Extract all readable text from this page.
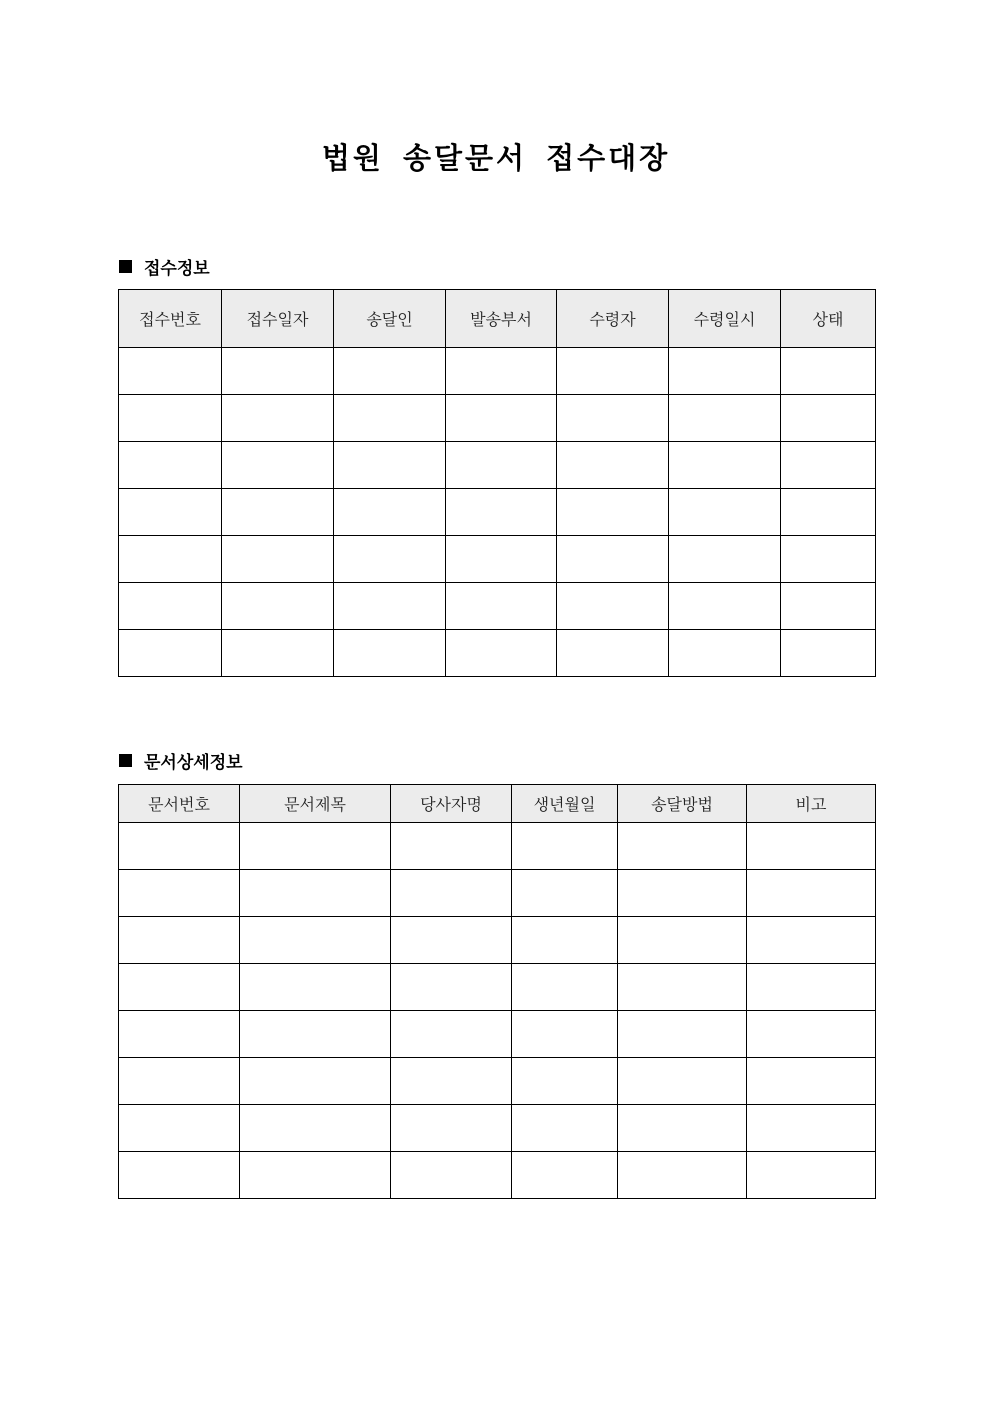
법원 송달문서 접수대장
접수정보
접수번호	접수일자	송달인	발송부서	수령자	수령일시	상태

문서상세정보
문서번호	문서제목	당사자명	생년월일	송달방법	비고
